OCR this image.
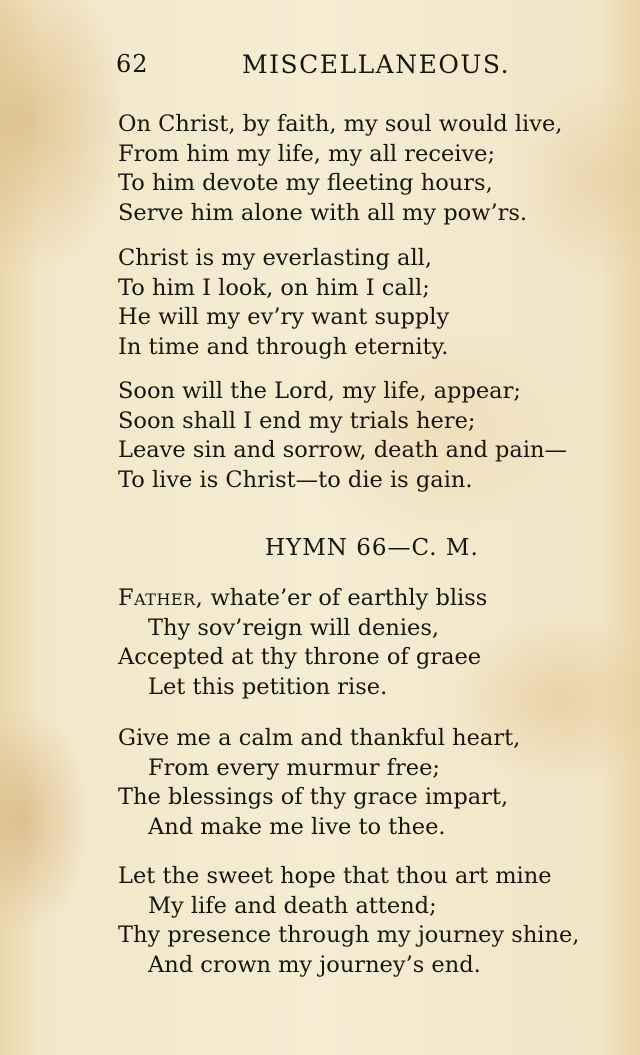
62	MISCELLANEOUS.
On Christ, by faith, my soul would live,
From him my life, my all receive;
To him devote my fleeting hours,
Serve him alone with all my pow’rs.
Christ is my everlasting all,
To him I look, on him I call;
He will my ev’ry want supply
In time and through eternity.
Soon will the Lord, my life, appear;
Soon shall I end my trials here;
Leave sin and sorrow, death and pain—
To live is Christ—to die is gain.
HYMN 66—C. M.
Father, whate’er of earthly bliss
Thy sov’reign will denies,
Accepted at thy throne of graee
Let this petition rise.
Give me a calm and thankful heart,
From every murmur free;
The blessings of thy grace impart,
And make me live to thee.
Let the sweet hope that thou art mine
My life and death attend;
Thy presence through my journey shine,
And crown my journey’s end.
